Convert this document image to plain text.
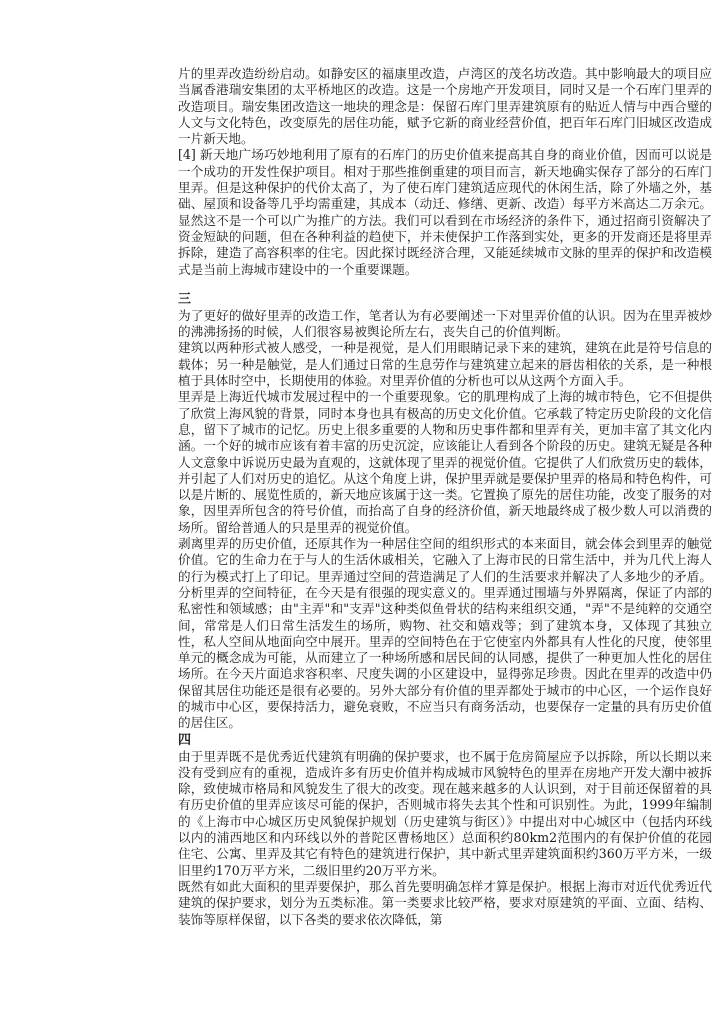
片的里弄改造纷纷启动。如静安区的福康里改造，卢湾区的茂名坊改造。其中影响最大的项目应当属香港瑞安集团的太平桥地区的改造。这是一个房地产开发项目，同时又是一个石库门里弄的改造项目。瑞安集团改造这一地块的理念是：保留石库门里弄建筑原有的贴近人情与中西合璧的人文与文化特色，改变原先的居住功能，赋予它新的商业经营价值，把百年石库门旧城区改造成一片新天地。

[4] 新天地广场巧妙地利用了原有的石库门的历史价值来提高其自身的商业价值，因而可以说是一个成功的开发性保护项目。相对于那些推倒重建的项目而言，新天地确实保存了部分的石库门里弄。但是这种保护的代价太高了，为了使石库门建筑适应现代的休闲生活，除了外墙之外，基础、屋顶和设备等几乎均需重建，其成本（动迁、修缮、更新、改造）每平方米高达二万余元。显然这不是一个可以广为推广的方法。我们可以看到在市场经济的条件下，通过招商引资解决了资金短缺的问题，但在各种利益的趋使下，并未使保护工作落到实处，更多的开发商还是将里弄拆除，建造了高容积率的住宅。因此探讨既经济合理，又能延续城市文脉的里弄的保护和改造模式是当前上海城市建设中的一个重要课题。

三

为了更好的做好里弄的改造工作，笔者认为有必要阐述一下对里弄价值的认识。因为在里弄被炒的沸沸扬扬的时候，人们很容易被舆论所左右，丧失自己的价值判断。

建筑以两种形式被人感受，一种是视觉，是人们用眼睛记录下来的建筑，建筑在此是符号信息的载体；另一种是触觉，是人们通过日常的生息劳作与建筑建立起来的唇齿相依的关系，是一种根植于具体时空中，长期使用的体验。对里弄价值的分析也可以从这两个方面入手。

里弄是上海近代城市发展过程中的一个重要现象。它的肌理构成了上海的城市特色，它不但提供了欣赏上海风貌的背景，同时本身也具有极高的历史文化价值。它承载了特定历史阶段的文化信息，留下了城市的记忆。历史上很多重要的人物和历史事件都和里弄有关，更加丰富了其文化内涵。一个好的城市应该有着丰富的历史沉淀，应该能让人看到各个阶段的历史。建筑无疑是各种人文意象中诉说历史最为直观的，这就体现了里弄的视觉价值。它提供了人们欣赏历史的载体，并引起了人们对历史的追忆。从这个角度上讲，保护里弄就是要保护里弄的格局和特色构件，可以是片断的、展览性质的，新天地应该属于这一类。它置换了原先的居住功能，改变了服务的对象，因里弄所包含的符号价值，而抬高了自身的经济价值，新天地最终成了极少数人可以消费的场所。留给普通人的只是里弄的视觉价值。

剥离里弄的历史价值，还原其作为一种居住空间的组织形式的本来面目，就会体会到里弄的触觉价值。它的生命力在于与人的生活休戚相关，它融入了上海市民的日常生活中，并为几代上海人的行为模式打上了印记。里弄通过空间的营造满足了人们的生活要求并解决了人多地少的矛盾。分析里弄的空间特征，在今天是有很强的现实意义的。里弄通过围墙与外界隔离，保证了内部的私密性和领域感；由"主弄"和"支弄"这种类似鱼骨状的结构来组织交通，"弄"不是纯粹的交通空间，常常是人们日常生活发生的场所，购物、社交和嬉戏等；到了建筑本身，又体现了其独立性，私人空间从地面向空中展开。里弄的空间特色在于它使室内外都具有人性化的尺度，使邻里单元的概念成为可能，从而建立了一种场所感和居民间的认同感，提供了一种更加人性化的居住场所。在今天片面追求容积率、尺度失调的小区建设中，显得弥足珍贵。因此在里弄的改造中仍保留其居住功能还是很有必要的。另外大部分有价值的里弄都处于城市的中心区，一个运作良好的城市中心区，要保持活力，避免衰败，不应当只有商务活动，也要保存一定量的具有历史价值的居住区。

四

由于里弄既不是优秀近代建筑有明确的保护要求，也不属于危房简屋应予以拆除，所以长期以来没有受到应有的重视，造成许多有历史价值并构成城市风貌特色的里弄在房地产开发大潮中被拆除，致使城市格局和风貌发生了很大的改变。现在越来越多的人认识到，对于目前还保留着的具有历史价值的里弄应该尽可能的保护，否则城市将失去其个性和可识别性。为此，1999年编制的《上海市中心城区历史风貌保护规划（历史建筑与街区）》中提出对中心城区中（包括内环线以内的浦西地区和内环线以外的普陀区曹杨地区）总面积约80km2范围内的有保护价值的花园住宅、公寓、里弄及其它有特色的建筑进行保护，其中新式里弄建筑面积约360万平方米，一级旧里约170万平方米，二级旧里约20万平方米。

既然有如此大面积的里弄要保护，那么首先要明确怎样才算是保护。根据上海市对近代优秀近代建筑的保护要求，划分为五类标准。第一类要求比较严格，要求对原建筑的平面、立面、结构、装饰等原样保留，以下各类的要求依次降低，第
